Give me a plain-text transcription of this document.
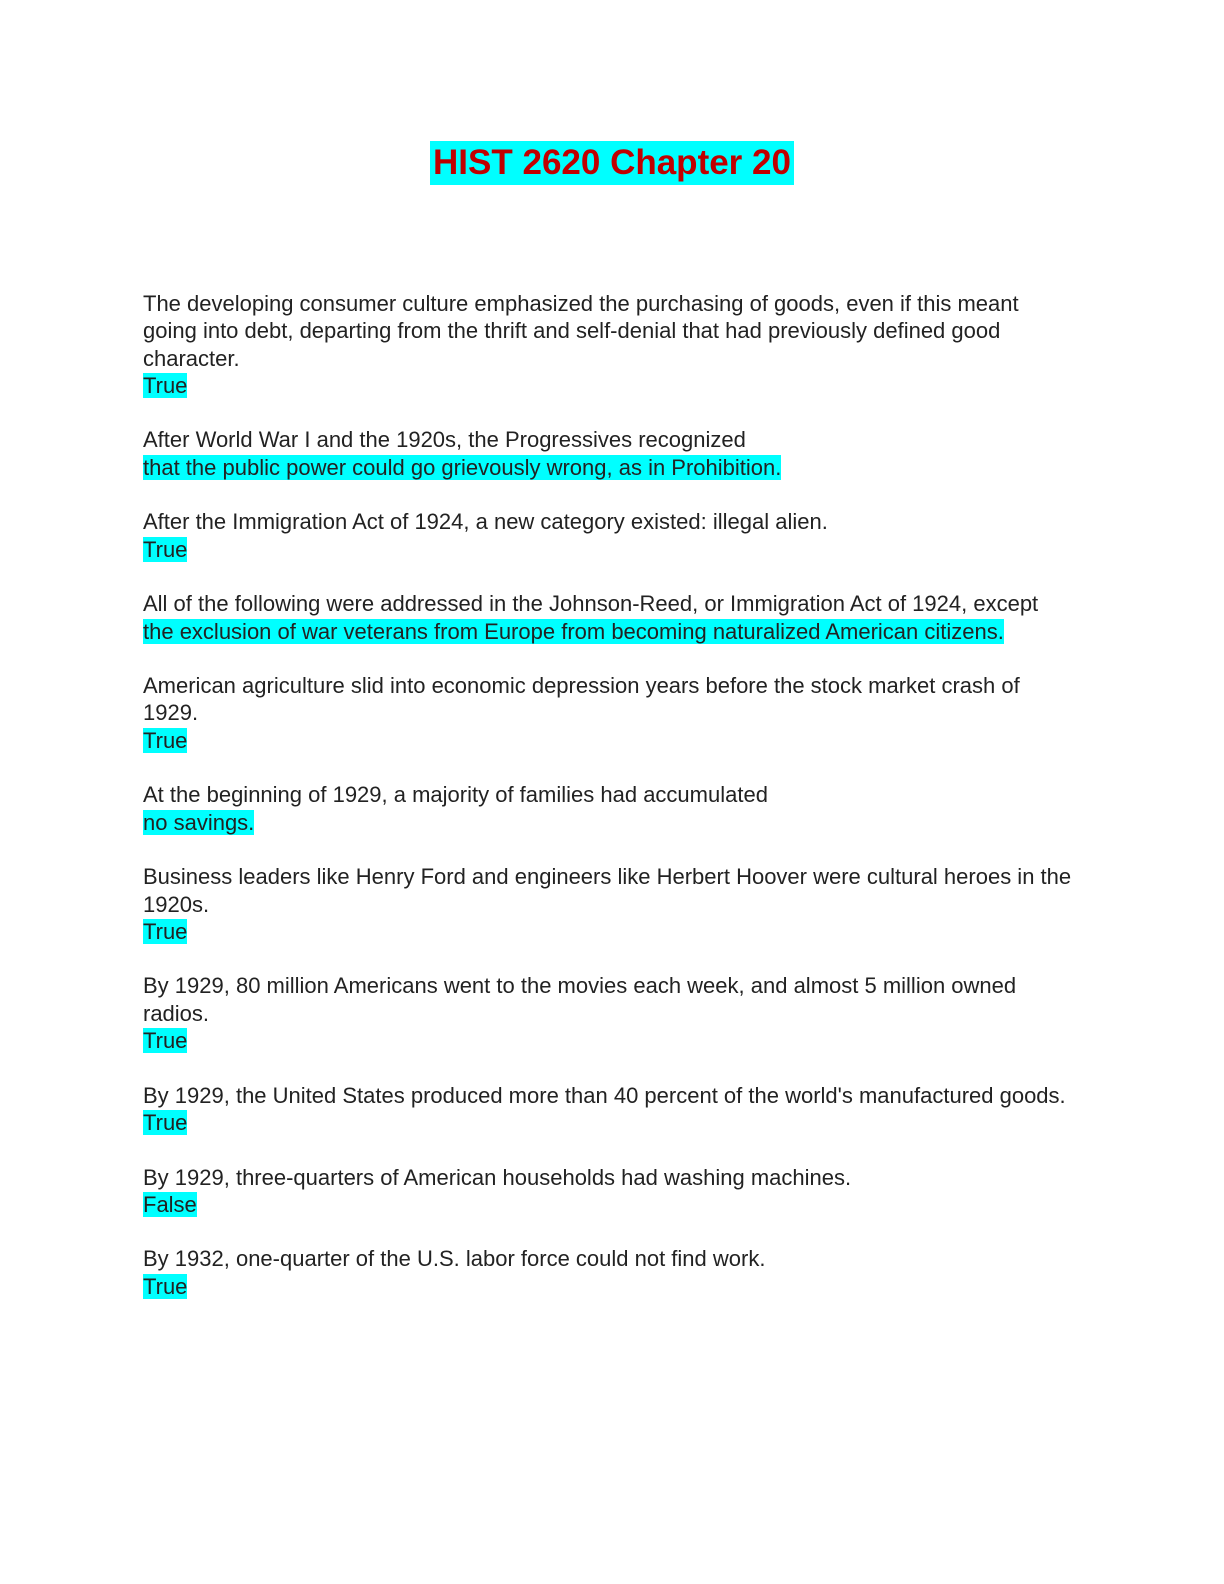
HIST 2620 Chapter 20
The developing consumer culture emphasized the purchasing of goods, even if this meant going into debt, departing from the thrift and self-denial that had previously defined good character.
True
After World War I and the 1920s, the Progressives recognized
that the public power could go grievously wrong, as in Prohibition.
After the Immigration Act of 1924, a new category existed: illegal alien.
True
All of the following were addressed in the Johnson-Reed, or Immigration Act of 1924, except
the exclusion of war veterans from Europe from becoming naturalized American citizens.
American agriculture slid into economic depression years before the stock market crash of 1929.
True
At the beginning of 1929, a majority of families had accumulated
no savings.
Business leaders like Henry Ford and engineers like Herbert Hoover were cultural heroes in the 1920s.
True
By 1929, 80 million Americans went to the movies each week, and almost 5 million owned radios.
True
By 1929, the United States produced more than 40 percent of the world's manufactured goods.
True
By 1929, three-quarters of American households had washing machines.
False
By 1932, one-quarter of the U.S. labor force could not find work.
True
